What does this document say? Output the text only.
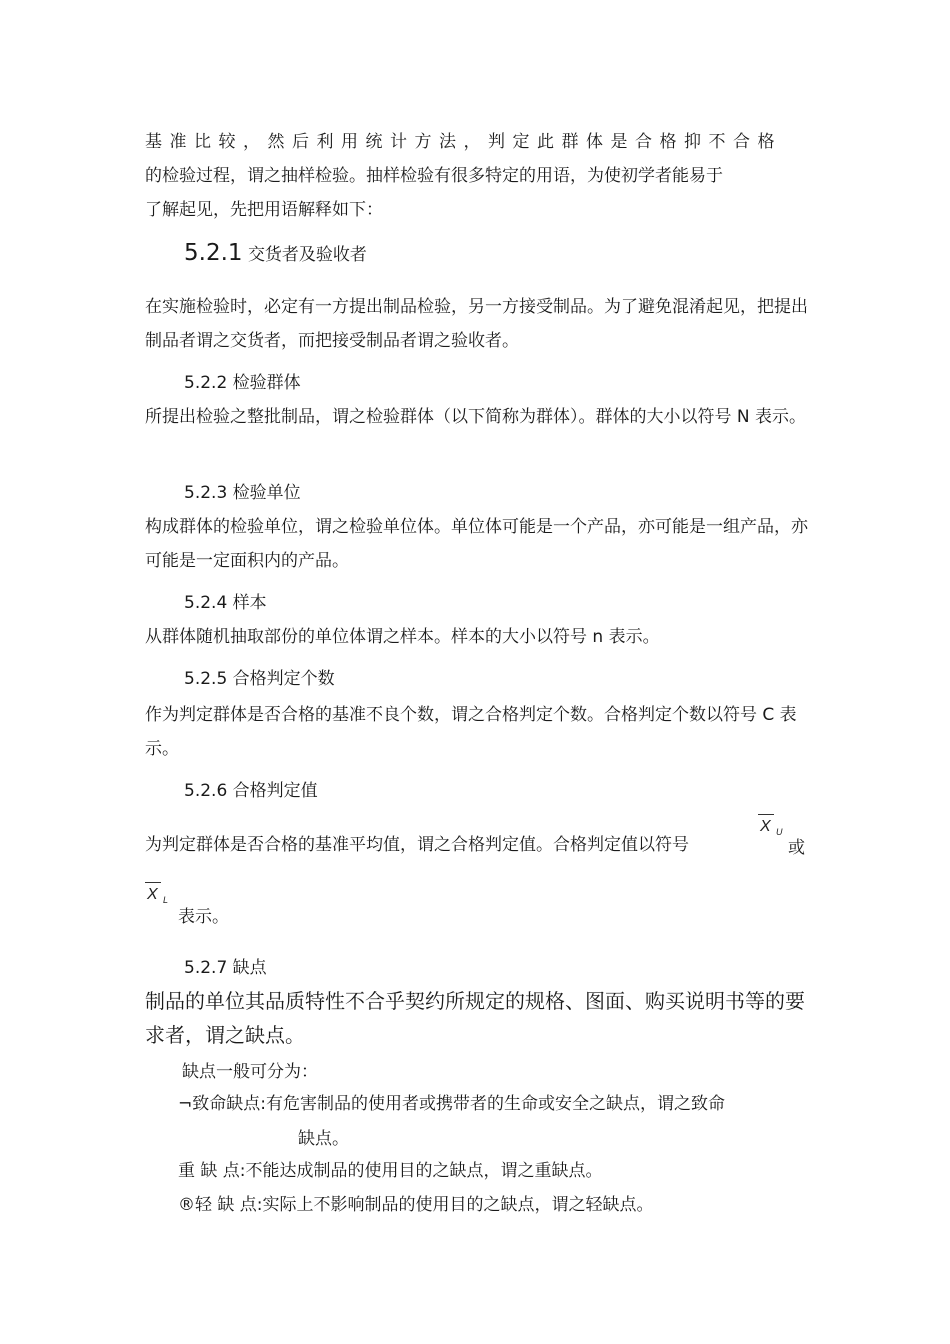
基准比较，然后利用统计方法，判定此群体是合格抑不合格
的检验过程，谓之抽样检验。抽样检验有很多特定的用语，为使初学者能易于
了解起见，先把用语解释如下：
5.2.1 交货者及验收者

在实施检验时，必定有一方提出制品检验，另一方接受制品。为了避免混淆起见，把提出制品者谓之交货者，而把接受制品者谓之验收者。

5.2.2 检验群体

所提出检验之整批制品，谓之检验群体（以下简称为群体）。群体的大小以符号 N 表示。

5.2.3 检验单位

构成群体的检验单位，谓之检验单位体。单位体可能是一个产品，亦可能是一组产品，亦可能是一定面积内的产品。

5.2.4 样本

从群体随机抽取部份的单位体谓之样本。样本的大小以符号 n 表示。

5.2.5 合格判定个数

作为判定群体是否合格的基准不良个数，谓之合格判定个数。合格判定个数以符号 C 表示。

5.2.6 合格判定值

为判定群体是否合格的基准平均值，谓之合格判定值。合格判定值以符号

X U
或
X L
表示。
5.2.7 缺点

制品的单位其品质特性不合乎契约所规定的规格、图面、购买说明书等的要求者，谓之缺点。

缺点一般可分为：
¬致命缺点:有危害制品的使用者或携带者的生命或安全之缺点，谓之致命
缺点。
重 缺 点:不能达成制品的使用目的之缺点，谓之重缺点。
®轻 缺 点:实际上不影响制品的使用目的之缺点，谓之轻缺点。
